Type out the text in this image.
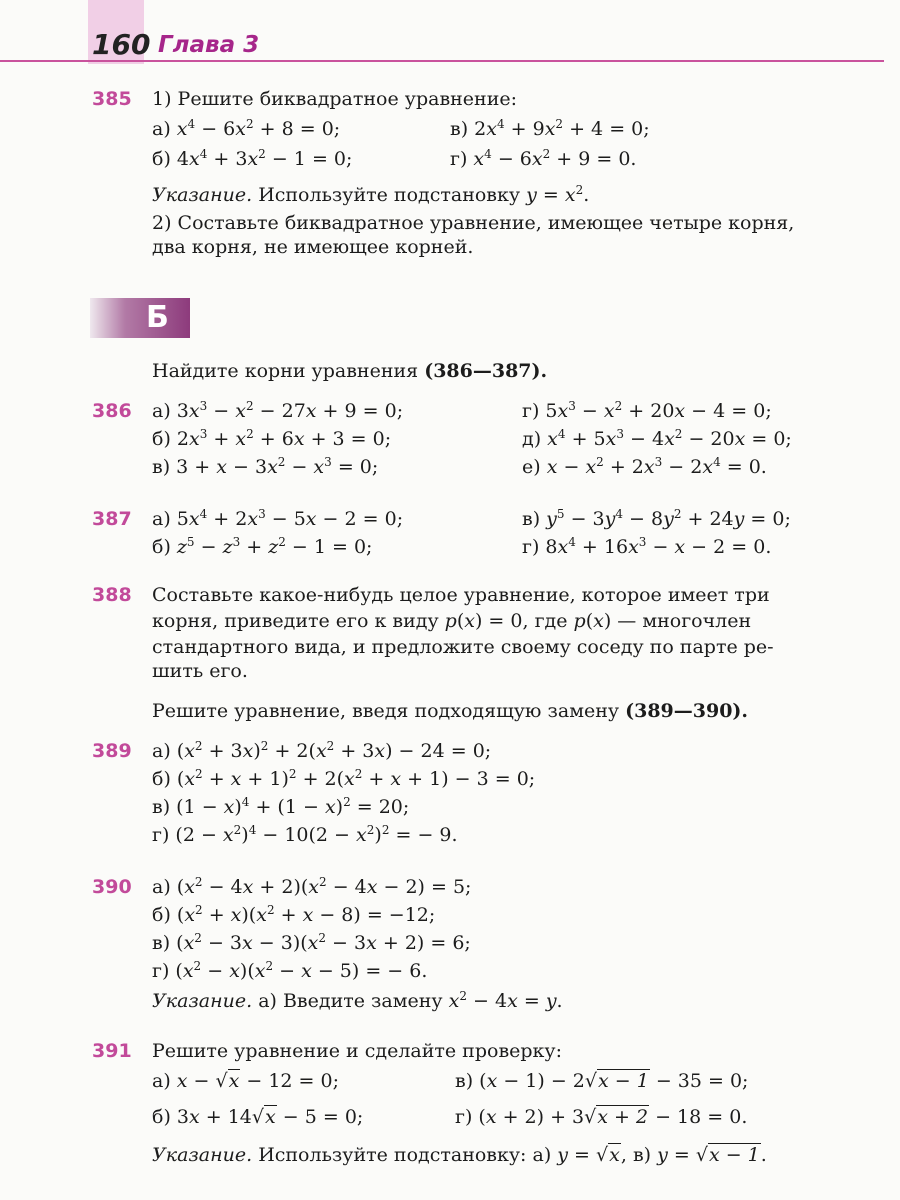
160 Глава 3
385 1) Решите биквадратное уравнение:
а) $x^4 - 6x^2 + 8 = 0$;	в) $2x^4 + 9x^2 + 4 = 0$;
б) $4x^4 + 3x^2 - 1 = 0$;	г) $x^4 - 6x^2 + 9 = 0$.
Указание. Используйте подстановку $y = x^2$.
2) Составьте биквадратное уравнение, имеющее четыре корня,
два корня, не имеющее корней.
Б
Найдите корни уравнения (386—387).
386 а) $3x^3 - x^2 - 27x + 9 = 0$;	г) $5x^3 - x^2 + 20x - 4 = 0$;
б) $2x^3 + x^2 + 6x + 3 = 0$;	д) $x^4 + 5x^3 - 4x^2 - 20x = 0$;
в) $3 + x - 3x^2 - x^3 = 0$;	е) $x - x^2 + 2x^3 - 2x^4 = 0$.
387 а) $5x^4 + 2x^3 - 5x - 2 = 0$;	в) $y^5 - 3y^4 - 8y^2 + 24y = 0$;
б) $z^5 - z^3 + z^2 - 1 = 0$;	г) $8x^4 + 16x^3 - x - 2 = 0$.
388 Составьте какое-нибудь целое уравнение, которое имеет три
корня, приведите его к виду p(x) = 0, где p(x) — многочлен
стандартного вида, и предложите своему соседу по парте ре-
шить его.
Решите уравнение, введя подходящую замену (389—390).
389 а) $(x^2 + 3x)^2 + 2(x^2 + 3x) - 24 = 0$;
б) $(x^2 + x + 1)^2 + 2(x^2 + x + 1) - 3 = 0$;
в) $(1 - x)^4 + (1 - x)^2 = 20$;
г) $(2 - x^2)^4 - 10(2 - x^2)^2$ = − 9.
390 а) $(x^2 - 4x + 2)(x^2 - 4x - 2) = 5$;
б) $(x^2 + x)(x^2 + x - 8) = -12$;
в) $(x^2 - 3x - 3)(x^2 - 3x + 2) = 6$;
г) $(x^2 - x)(x^2 - x - 5)$ = − 6.
Указание. а) Введите замену $x^2 - 4x = y$.
391 Решите уравнение и сделайте проверку:
а) x − √x − 12 = 0;	в) (x − 1) − 2√x − 1 − 35 = 0;
б) 3x + 14√x − 5 = 0;	г) (x + 2) + 3√x + 2 − 18 = 0.
Указание. Используйте подстановку: а) y = √x, в) y = √x − 1.
